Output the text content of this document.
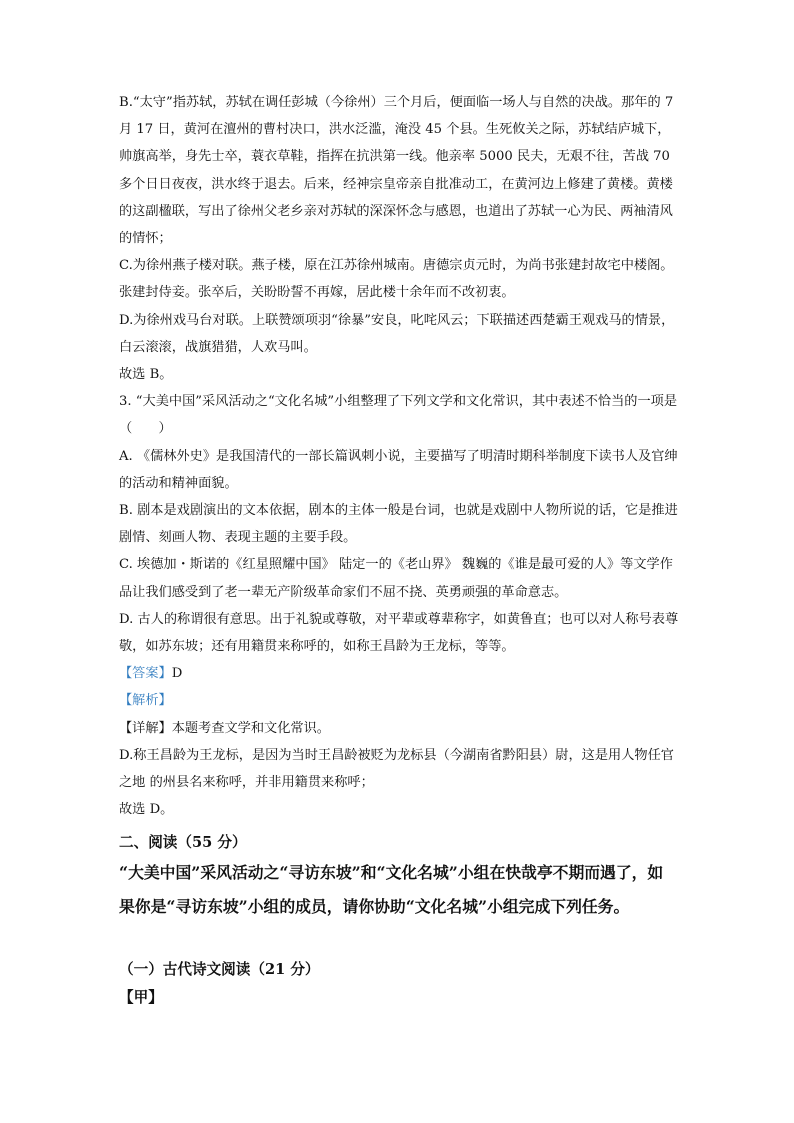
B.“太守”指苏轼，苏轼在调任彭城（今徐州）三个月后，便面临一场人与自然的决战。那年的 7 月 17 日，黄河在澶州的曹村决口，洪水泛滥，淹没 45 个县。生死攸关之际，苏轼结庐城下，帅旗高举，身先士卒，蓑衣草鞋，指挥在抗洪第一线。他亲率 5000 民夫，无艰不往，苦战 70 多个日日夜夜，洪水终于退去。后来，经神宗皇帝亲自批准动工，在黄河边上修建了黄楼。黄楼的这副楹联，写出了徐州父老乡亲对苏轼的深深怀念与感恩，也道出了苏轼一心为民、两袖清风的情怀；

C.为徐州燕子楼对联。燕子楼，原在江苏徐州城南。唐德宗贞元时，为尚书张建封故宅中楼阁。张建封侍妾。张卒后，关盼盼誓不再嫁，居此楼十余年而不改初衷。

D.为徐州戏马台对联。上联赞颂项羽“徐暴”安良，叱咤风云；下联描述西楚霸王观戏马的情景，白云滚滚，战旗猎猎，人欢马叫。

故选 B。

3. “大美中国”采风活动之“文化名城”小组整理了下列文学和文化常识，其中表述不恰当的一项是（　　）

A. 《儒林外史》是我国清代的一部长篇讽刺小说，主要描写了明清时期科举制度下读书人及官绅的活动和精神面貌。

B. 剧本是戏剧演出的文本依据，剧本的主体一般是台词，也就是戏剧中人物所说的话，它是推进剧情、刻画人物、表现主题的主要手段。

C. 埃德加・斯诺的《红星照耀中国》 陆定一的《老山界》 魏巍的《谁是最可爱的人》等文学作品让我们感受到了老一辈无产阶级革命家们不屈不挠、英勇顽强的革命意志。

D. 古人的称谓很有意思。出于礼貌或尊敬，对平辈或尊辈称字，如黄鲁直；也可以对人称号表尊敬，如苏东坡；还有用籍贯来称呼的，如称王昌龄为王龙标，等等。

【答案】D

【解析】

【详解】本题考查文学和文化常识。

D.称王昌龄为王龙标，是因为当时王昌龄被贬为龙标县（今湖南省黔阳县）尉，这是用人物任官之地 的州县名来称呼，并非用籍贯来称呼；

故选 D。

二、阅读（55 分）

“大美中国”采风活动之“寻访东坡”和“文化名城”小组在快哉亭不期而遇了，如果你是“寻访东坡”小组的成员，请你协助“文化名城”小组完成下列任务。

（一）古代诗文阅读（21 分）

【甲】
